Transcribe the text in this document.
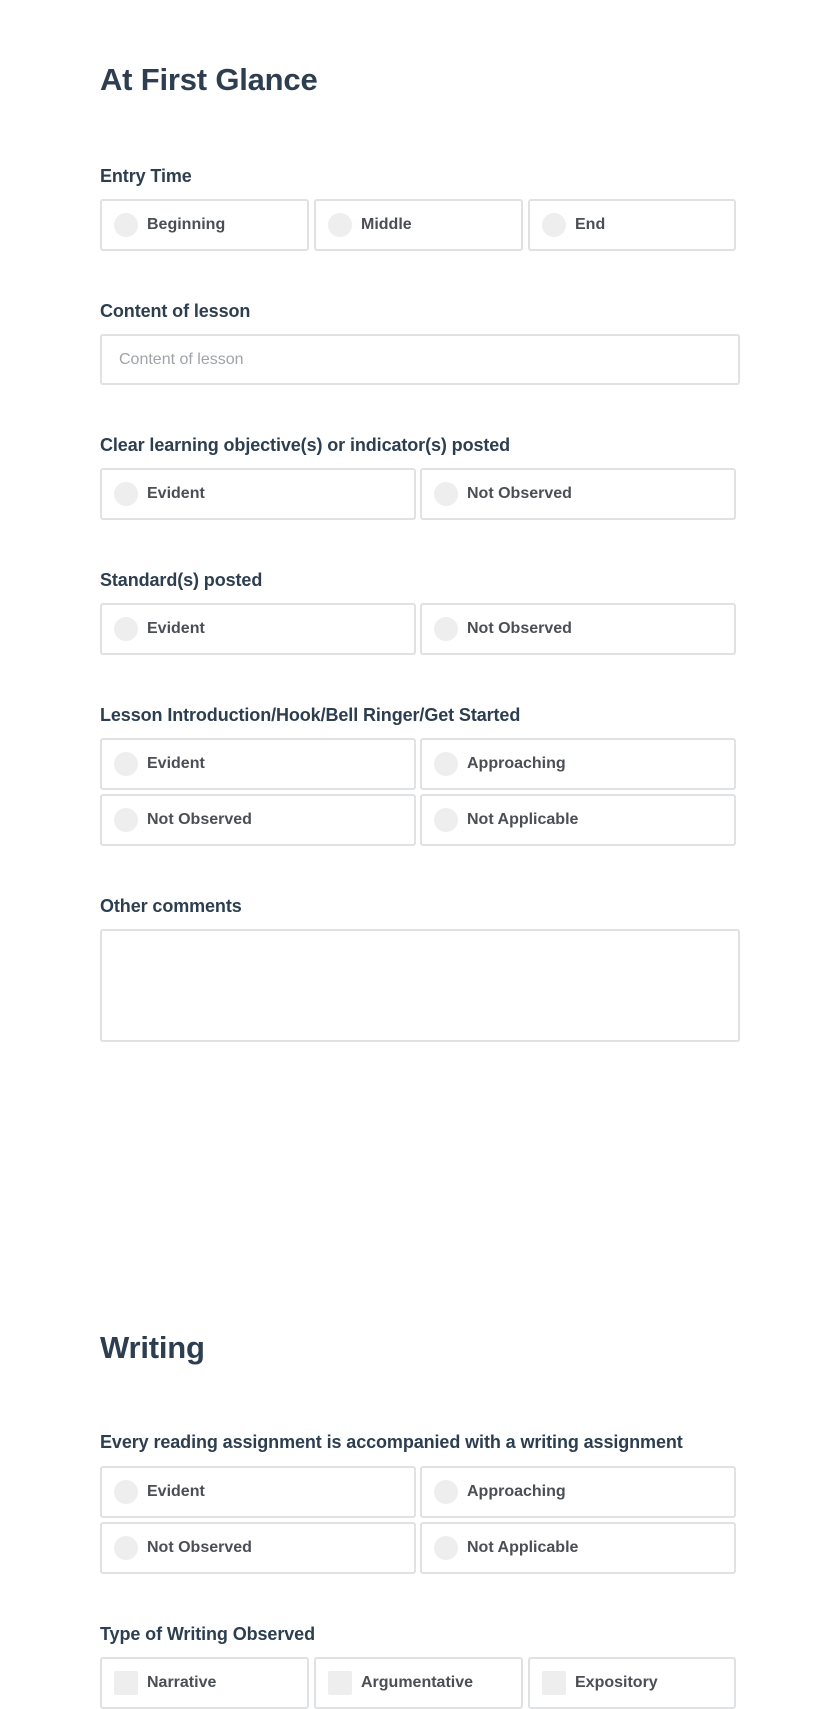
At First Glance
Entry Time
Beginning	Middle	End
Content of lesson
Content of lesson
Clear learning objective(s) or indicator(s) posted
Evident	Not Observed
Standard(s) posted
Evident	Not Observed
Lesson Introduction/Hook/Bell Ringer/Get Started
Evident	Approaching
Not Observed	Not Applicable
Other comments
Writing
Every reading assignment is accompanied with a writing assignment
Evident	Approaching
Not Observed	Not Applicable
Type of Writing Observed
Narrative	Argumentative	Expository
